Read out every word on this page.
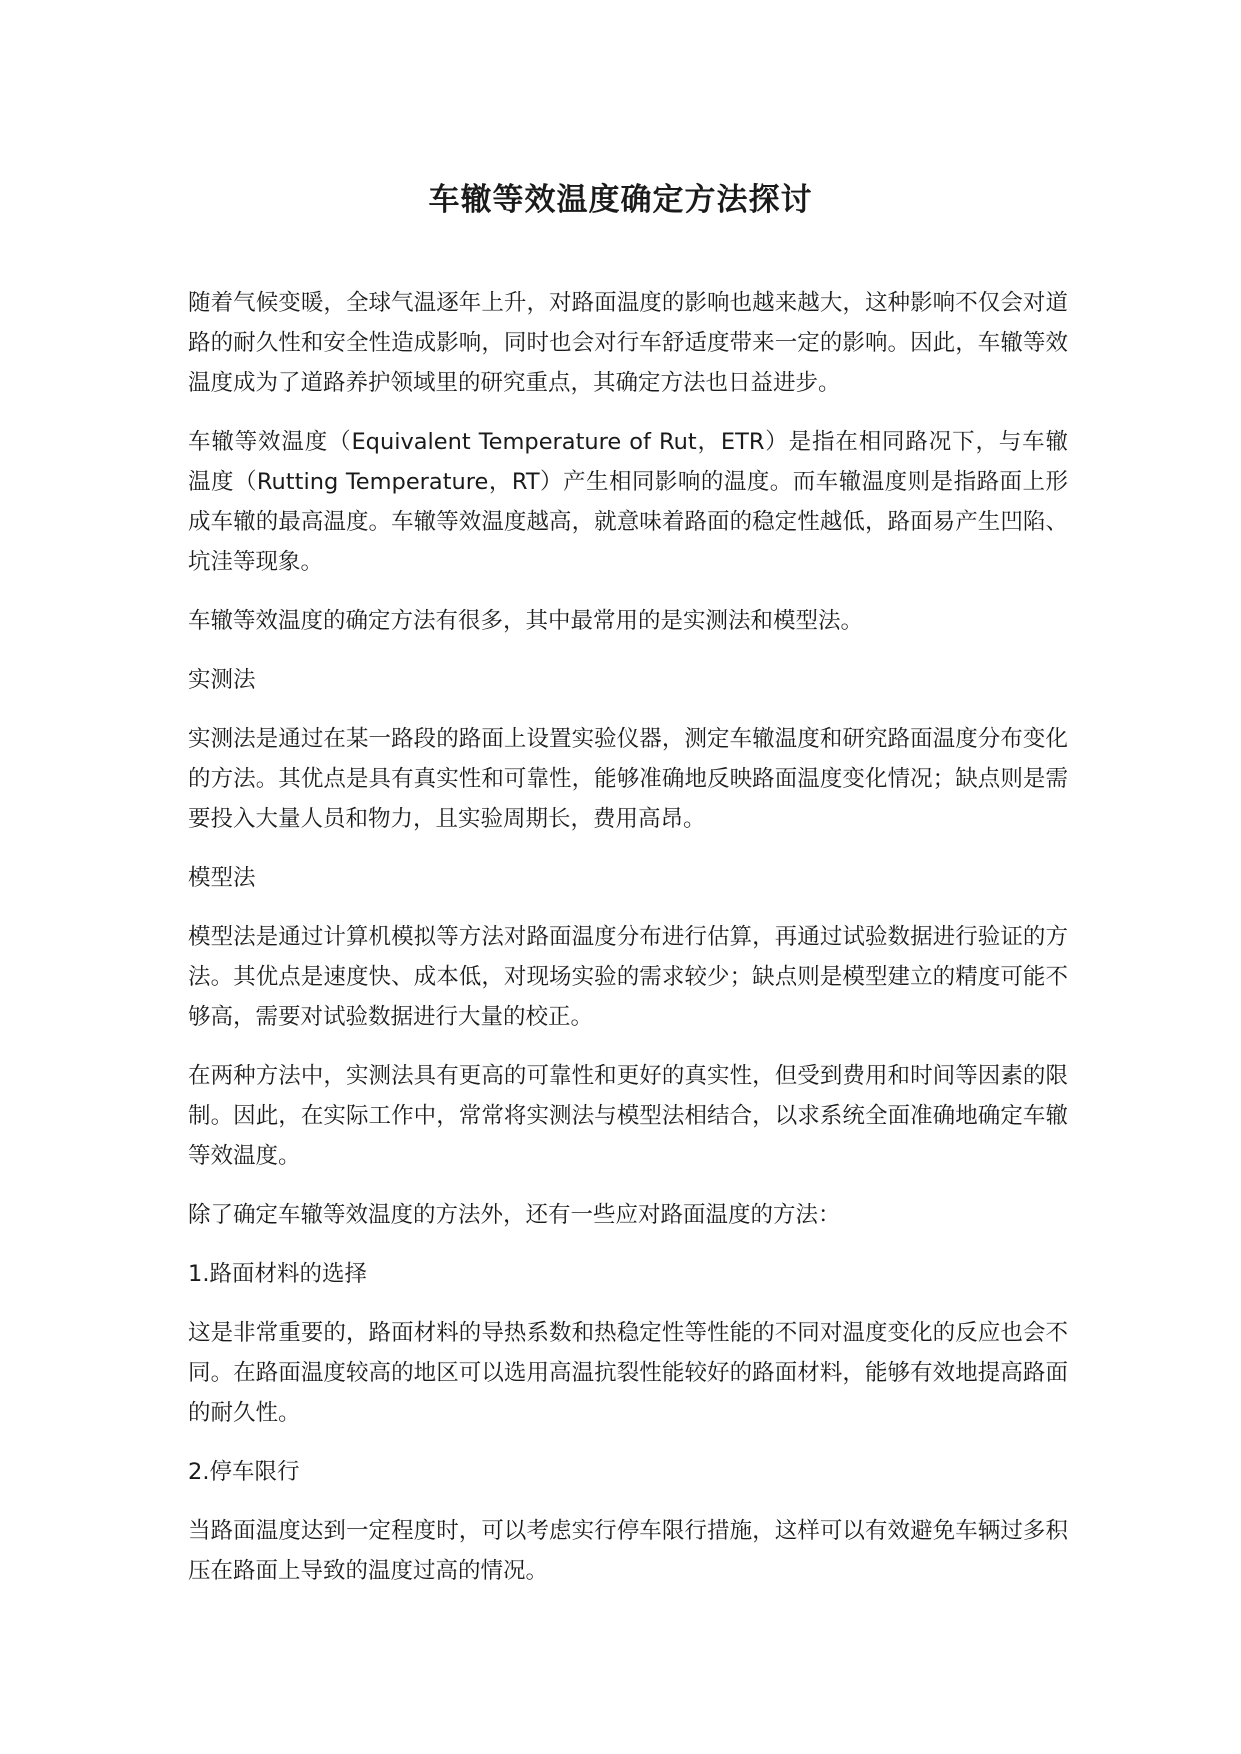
车辙等效温度确定方法探讨

随着气候变暖，全球气温逐年上升，对路面温度的影响也越来越大，这种影响不仅会对道路的耐久性和安全性造成影响，同时也会对行车舒适度带来一定的影响。因此，车辙等效温度成为了道路养护领域里的研究重点，其确定方法也日益进步。

车辙等效温度（Equivalent Temperature of Rut，ETR）是指在相同路况下，与车辙温度（Rutting Temperature，RT）产生相同影响的温度。而车辙温度则是指路面上形成车辙的最高温度。车辙等效温度越高，就意味着路面的稳定性越低，路面易产生凹陷、坑洼等现象。

车辙等效温度的确定方法有很多，其中最常用的是实测法和模型法。

实测法

实测法是通过在某一路段的路面上设置实验仪器，测定车辙温度和研究路面温度分布变化的方法。其优点是具有真实性和可靠性，能够准确地反映路面温度变化情况；缺点则是需要投入大量人员和物力，且实验周期长，费用高昂。

模型法

模型法是通过计算机模拟等方法对路面温度分布进行估算，再通过试验数据进行验证的方法。其优点是速度快、成本低，对现场实验的需求较少；缺点则是模型建立的精度可能不够高，需要对试验数据进行大量的校正。

在两种方法中，实测法具有更高的可靠性和更好的真实性，但受到费用和时间等因素的限制。因此，在实际工作中，常常将实测法与模型法相结合，以求系统全面准确地确定车辙等效温度。

除了确定车辙等效温度的方法外，还有一些应对路面温度的方法：

1.路面材料的选择

这是非常重要的，路面材料的导热系数和热稳定性等性能的不同对温度变化的反应也会不同。在路面温度较高的地区可以选用高温抗裂性能较好的路面材料，能够有效地提高路面的耐久性。

2.停车限行

当路面温度达到一定程度时，可以考虑实行停车限行措施，这样可以有效避免车辆过多积压在路面上导致的温度过高的情况。
